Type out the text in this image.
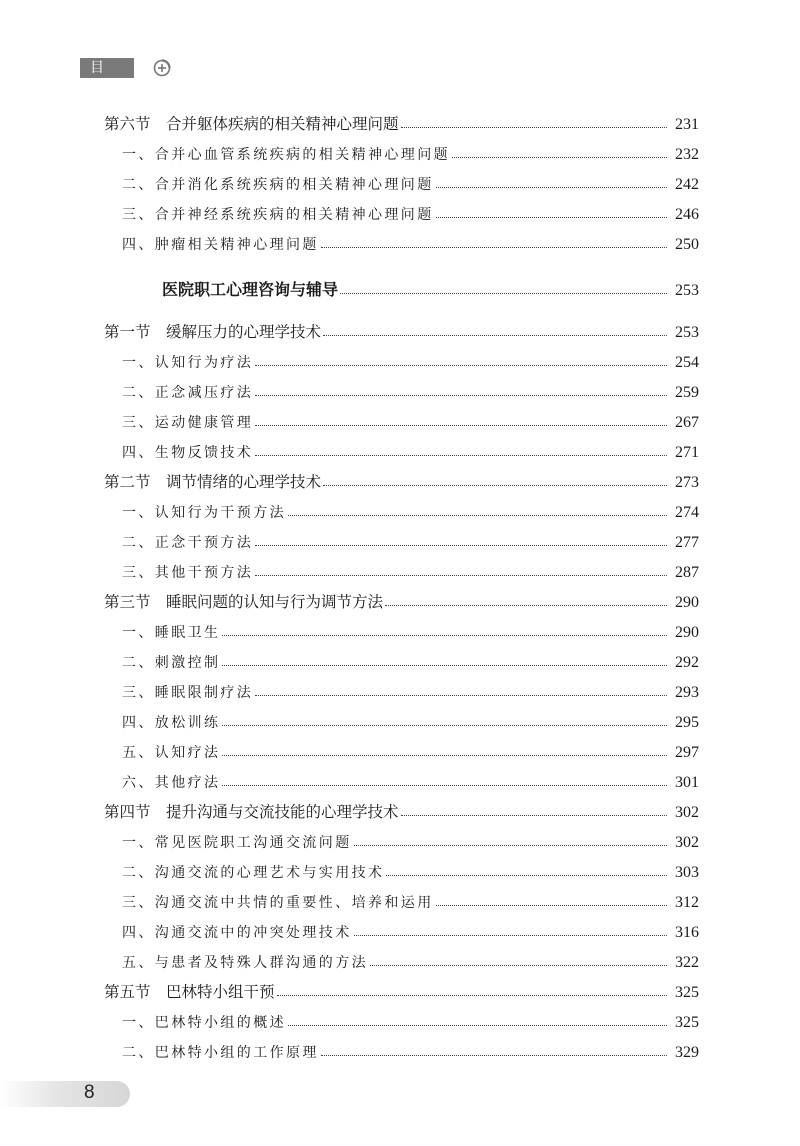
目 录
第六节　合并躯体疾病的相关精神心理问题	231
一、合并心血管系统疾病的相关精神心理问题	232
二、合并消化系统疾病的相关精神心理问题	242
三、合并神经系统疾病的相关精神心理问题	246
四、肿瘤相关精神心理问题	250
医院职工心理咨询与辅导	253
第一节　缓解压力的心理学技术	253
一、认知行为疗法	254
二、正念减压疗法	259
三、运动健康管理	267
四、生物反馈技术	271
第二节　调节情绪的心理学技术	273
一、认知行为干预方法	274
二、正念干预方法	277
三、其他干预方法	287
第三节　睡眠问题的认知与行为调节方法	290
一、睡眠卫生	290
二、刺激控制	292
三、睡眠限制疗法	293
四、放松训练	295
五、认知疗法	297
六、其他疗法	301
第四节　提升沟通与交流技能的心理学技术	302
一、常见医院职工沟通交流问题	302
二、沟通交流的心理艺术与实用技术	303
三、沟通交流中共情的重要性、培养和运用	312
四、沟通交流中的冲突处理技术	316
五、与患者及特殊人群沟通的方法	322
第五节　巴林特小组干预	325
一、巴林特小组的概述	325
二、巴林特小组的工作原理	329
8
